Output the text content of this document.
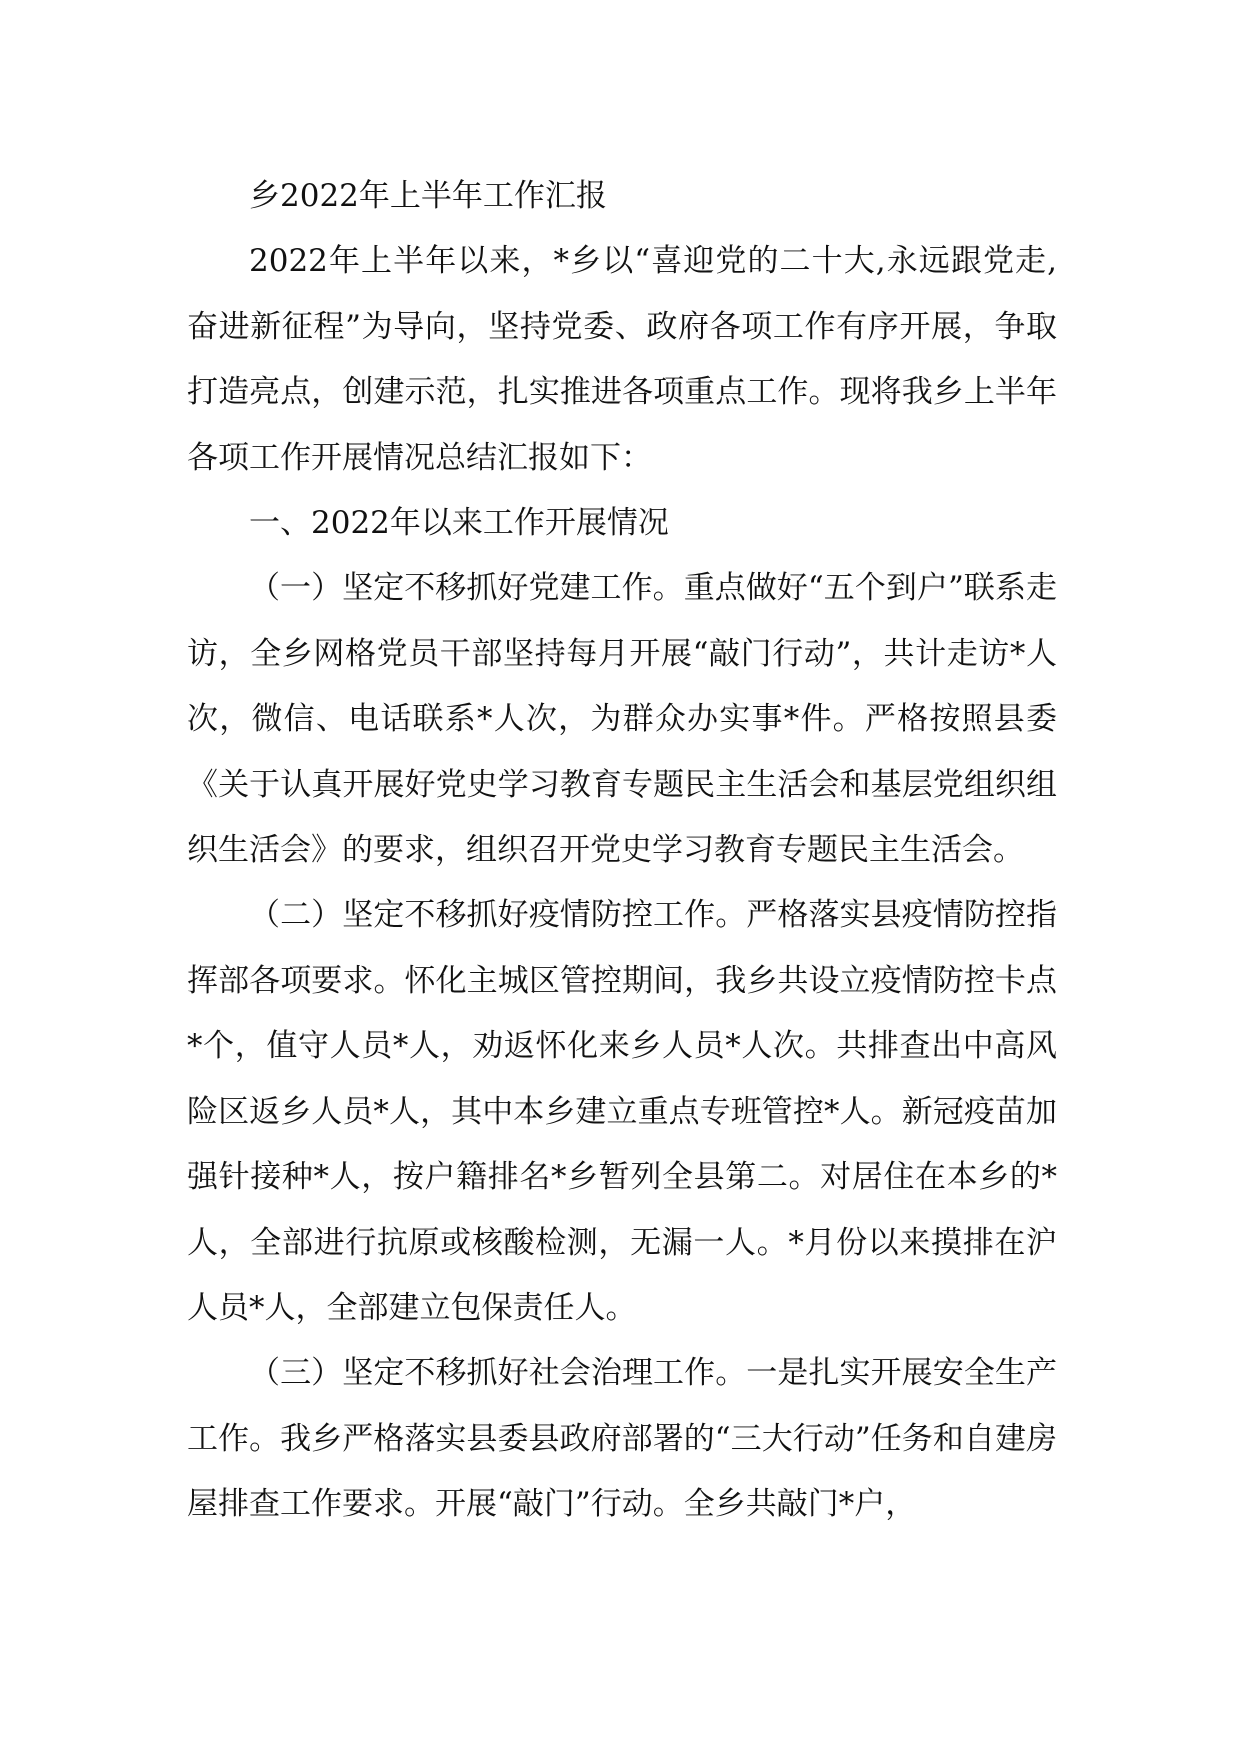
乡2022年上半年工作汇报

2022年上半年以来，*乡以“喜迎党的二十大,永远跟党走,奋进新征程”为导向，坚持党委、政府各项工作有序开展，争取打造亮点，创建示范，扎实推进各项重点工作。现将我乡上半年各项工作开展情况总结汇报如下：

一、2022年以来工作开展情况

（一）坚定不移抓好党建工作。重点做好“五个到户”联系走访，全乡网格党员干部坚持每月开展“敲门行动”，共计走访*人次，微信、电话联系*人次，为群众办实事*件。严格按照县委《关于认真开展好党史学习教育专题民主生活会和基层党组织组织生活会》的要求，组织召开党史学习教育专题民主生活会。

（二）坚定不移抓好疫情防控工作。严格落实县疫情防控指挥部各项要求。怀化主城区管控期间，我乡共设立疫情防控卡点*个，值守人员*人，劝返怀化来乡人员*人次。共排查出中高风险区返乡人员*人，其中本乡建立重点专班管控*人。新冠疫苗加强针接种*人，按户籍排名*乡暂列全县第二。对居住在本乡的*人，全部进行抗原或核酸检测，无漏一人。*月份以来摸排在沪人员*人，全部建立包保责任人。

（三）坚定不移抓好社会治理工作。一是扎实开展安全生产工作。我乡严格落实县委县政府部署的“三大行动”任务和自建房屋排查工作要求。开展“敲门”行动。全乡共敲门*户，
